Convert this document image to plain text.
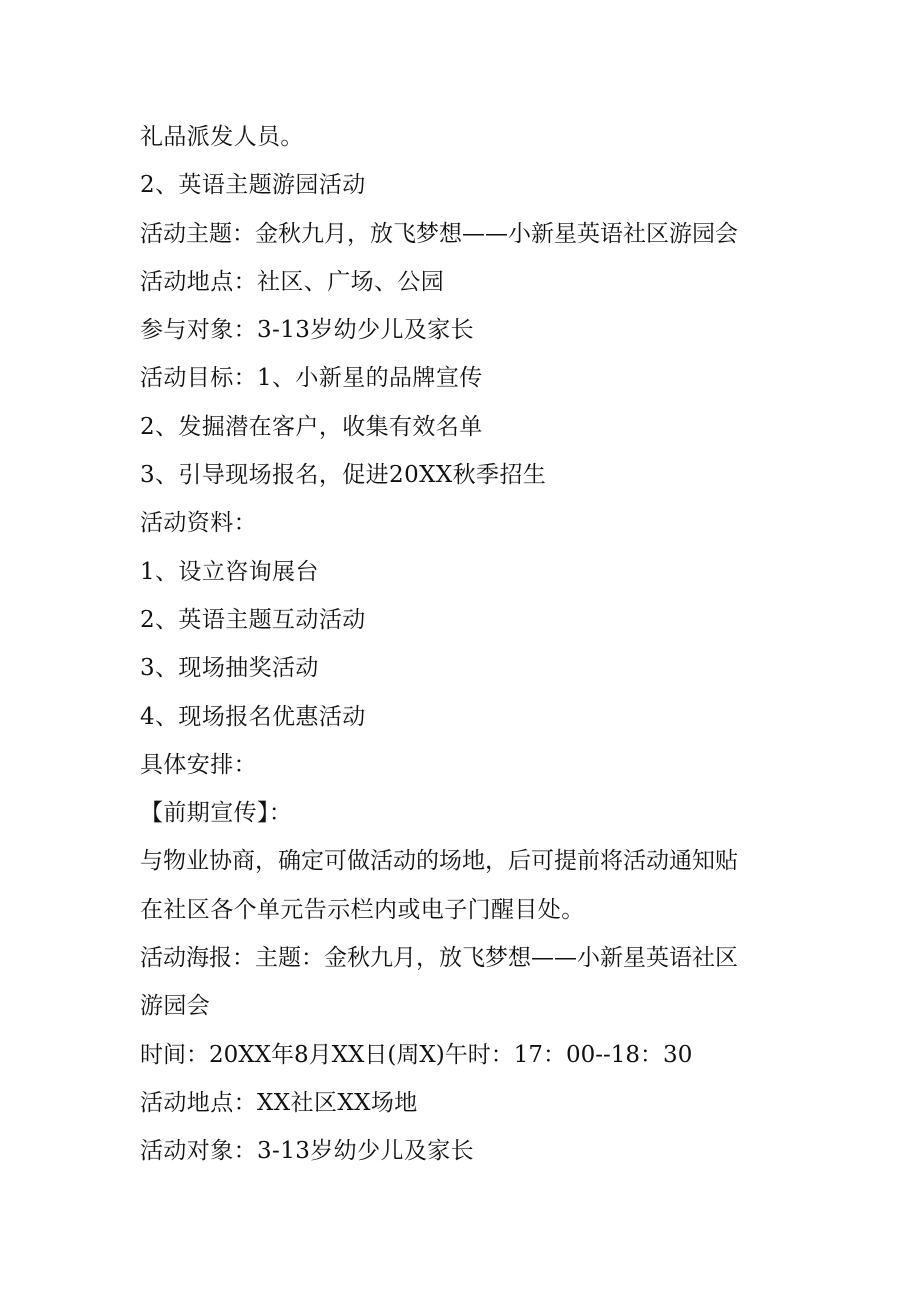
礼品派发人员。
2、英语主题游园活动
活动主题：金秋九月，放飞梦想——小新星英语社区游园会
活动地点：社区、广场、公园
参与对象：3-13岁幼少儿及家长
活动目标：1、小新星的品牌宣传
2、发掘潜在客户，收集有效名单
3、引导现场报名，促进20XX秋季招生
活动资料：
1、设立咨询展台
2、英语主题互动活动
3、现场抽奖活动
4、现场报名优惠活动
具体安排：
【前期宣传】：
与物业协商，确定可做活动的场地，后可提前将活动通知贴
在社区各个单元告示栏内或电子门醒目处。
活动海报：主题：金秋九月，放飞梦想——小新星英语社区
游园会
时间：20XX年8月XX日(周X)午时：17：00--18：30
活动地点：XX社区XX场地
活动对象：3-13岁幼少儿及家长
